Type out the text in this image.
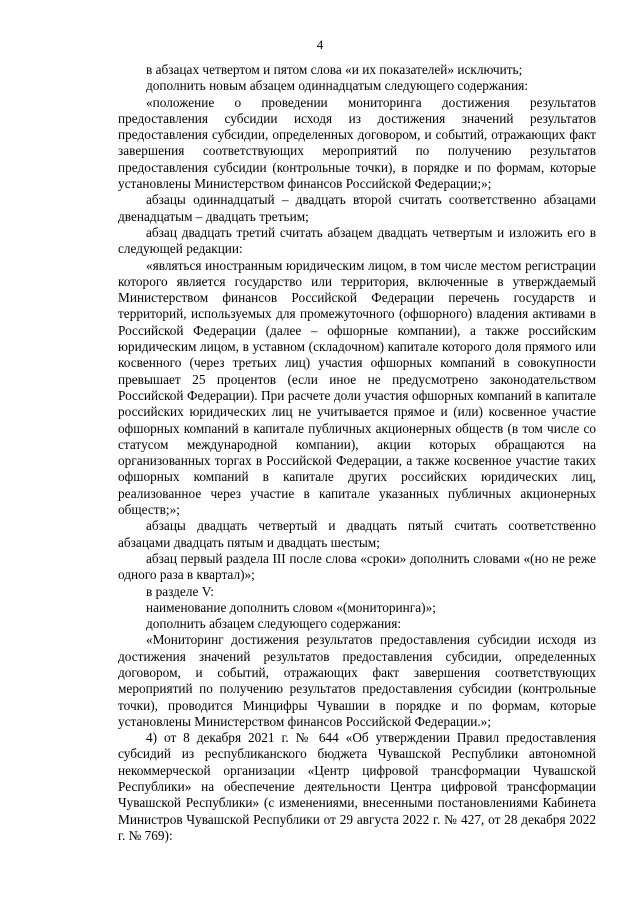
4

в абзацах четвертом и пятом слова «и их показателей» исключить;

дополнить новым абзацем одиннадцатым следующего содержания:

«положение о проведении мониторинга достижения результатов предоставления субсидии исходя из достижения значений результатов предоставления субсидии, определенных договором, и событий, отражающих факт завершения соответствующих мероприятий по получению результатов предоставления субсидии (контрольные точки), в порядке и по формам, которые установлены Министерством финансов Российской Федерации;»;

абзацы одиннадцатый – двадцать второй считать соответственно абзацами двенадцатым – двадцать третьим;

абзац двадцать третий считать абзацем двадцать четвертым и изложить его в следующей редакции:

«являться иностранным юридическим лицом, в том числе местом регистрации которого является государство или территория, включенные в утверждаемый Министерством финансов Российской Федерации перечень государств и территорий, используемых для промежуточного (офшорного) владения активами в Российской Федерации (далее – офшорные компании), а также российским юридическим лицом, в уставном (складочном) капитале которого доля прямого или косвенного (через третьих лиц) участия офшорных компаний в совокупности превышает 25 процентов (если иное не предусмотрено законодательством Российской Федерации). При расчете доли участия офшорных компаний в капитале российских юридических лиц не учитывается прямое и (или) косвенное участие офшорных компаний в капитале публичных акционерных обществ (в том числе со статусом международной компании), акции которых обращаются на организованных торгах в Российской Федерации, а также косвенное участие таких офшорных компаний в капитале других российских юридических лиц, реализованное через участие в капитале указанных публичных акционерных обществ;»;

абзацы двадцать четвертый и двадцать пятый считать соответственно абзацами двадцать пятым и двадцать шестым;

абзац первый раздела III после слова «сроки» дополнить словами «(но не реже одного раза в квартал)»;

в разделе V:

наименование дополнить словом «(мониторинга)»;

дополнить абзацем следующего содержания:

«Мониторинг достижения результатов предоставления субсидии исходя из достижения значений результатов предоставления субсидии, определенных договором, и событий, отражающих факт завершения соответствующих мероприятий по получению результатов предоставления субсидии (контрольные точки), проводится Минцифры Чувашии в порядке и по формам, которые установлены Министерством финансов Российской Федерации.»;

4) от 8 декабря 2021 г. № 644 «Об утверждении Правил предоставления субсидий из республиканского бюджета Чувашской Республики автономной некоммерческой организации «Центр цифровой трансформации Чувашской Республики» на обеспечение деятельности Центра цифровой трансформации Чувашской Республики» (с изменениями, внесенными постановлениями Кабинета Министров Чувашской Республики от 29 августа 2022 г. № 427, от 28 декабря 2022 г. № 769):
